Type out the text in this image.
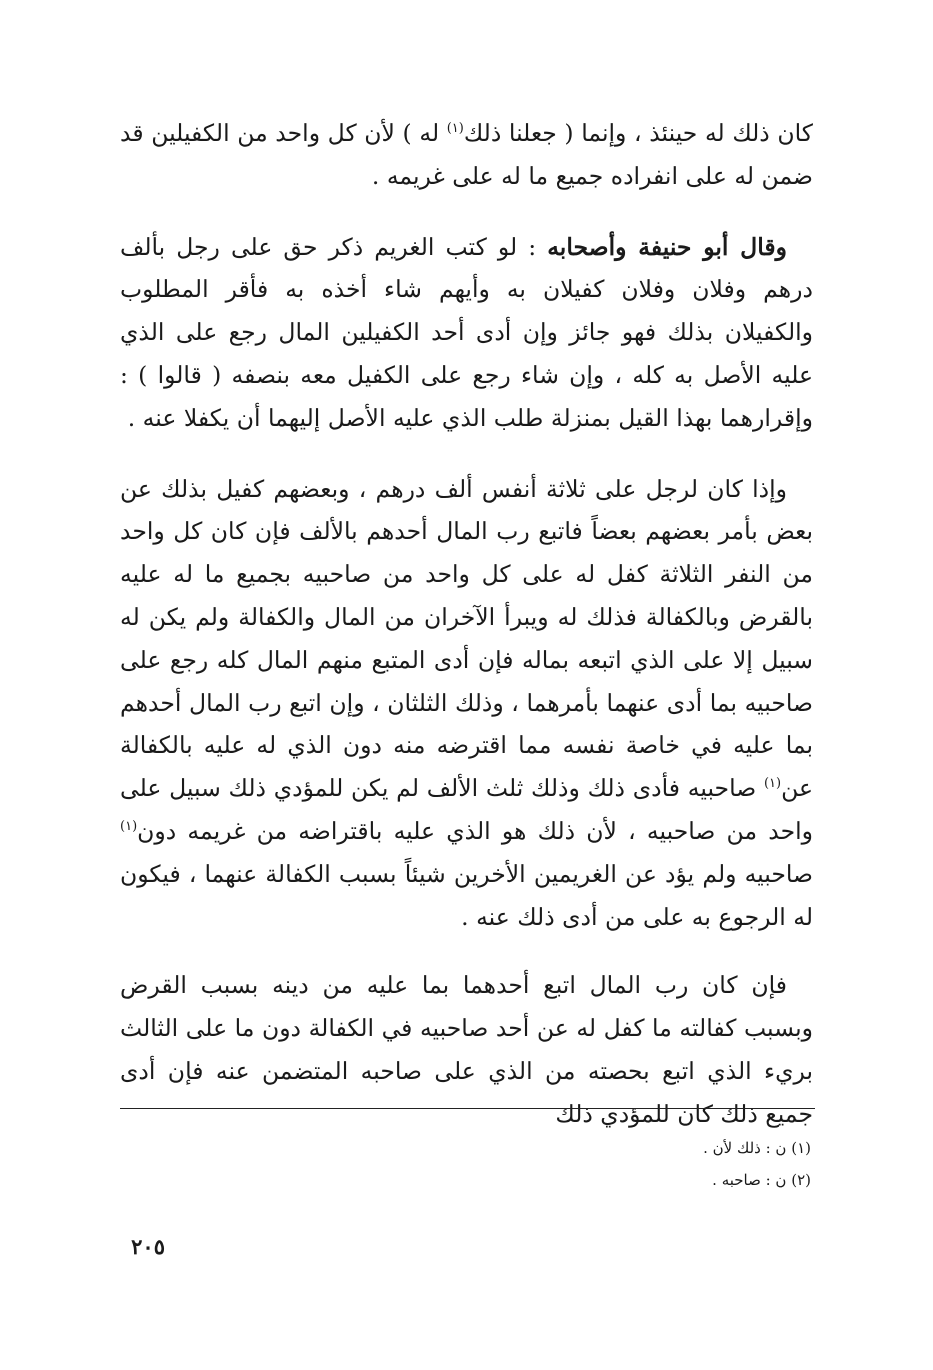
كان ذلك له حينئذ ، وإنما ( جعلنا ذلك$^{(١)}$ له ) لأن كل واحد من الكفيلين قد ضمن له على انفراده جميع ما له على غريمه .

وقال أبو حنيفة وأصحابه : لو كتب الغريم ذكر حق على رجل بألف درهم وفلان وفلان كفيلان به وأيهم شاء أخذه به فأقر المطلوب والكفيلان بذلك فهو جائز وإن أدى أحد الكفيلين المال رجع على الذي عليه الأصل به كله ، وإن شاء رجع على الكفيل معه بنصفه ( قالوا ) : وإقرارهما بهذا القيل بمنزلة طلب الذي عليه الأصل إليهما أن يكفلا عنه .

وإذا كان لرجل على ثلاثة أنفس ألف درهم ، وبعضهم كفيل بذلك عن بعض بأمر بعضهم بعضاً فاتبع رب المال أحدهم بالألف فإن كان كل واحد من النفر الثلاثة كفل له على كل واحد من صاحبيه بجميع ما له عليه بالقرض وبالكفالة فذلك له ويبرأ الآخران من المال والكفالة ولم يكن له سبيل إلا على الذي اتبعه بماله فإن أدى المتبع منهم المال كله رجع على صاحبيه بما أدى عنهما بأمرهما ، وذلك الثلثان ، وإن اتبع رب المال أحدهم بما عليه في خاصة نفسه مما اقترضه منه دون الذي له عليه بالكفالة عن$^{(١)}$ صاحبيه فأدى ذلك وذلك ثلث الألف لم يكن للمؤدي ذلك سبيل على واحد من صاحبيه ، لأن ذلك هو الذي عليه باقتراضه من غريمه دون$^{(١)}$ صاحبيه ولم يؤد عن الغريمين الأخرين شيئاً بسبب الكفالة عنهما ، فيكون له الرجوع به على من أدى ذلك عنه .

فإن كان رب المال اتبع أحدهما بما عليه من دينه بسبب القرض وبسبب كفالته ما كفل له عن أحد صاحبيه في الكفالة دون ما على الثالث بريء الذي اتبع بحصته من الذي على صاحبه المتضمن عنه فإن أدى جميع ذلك كان للمؤدي ذلك

(١) ن : ذلك لأن .
(٢) ن : صاحبه .
٢٠٥
